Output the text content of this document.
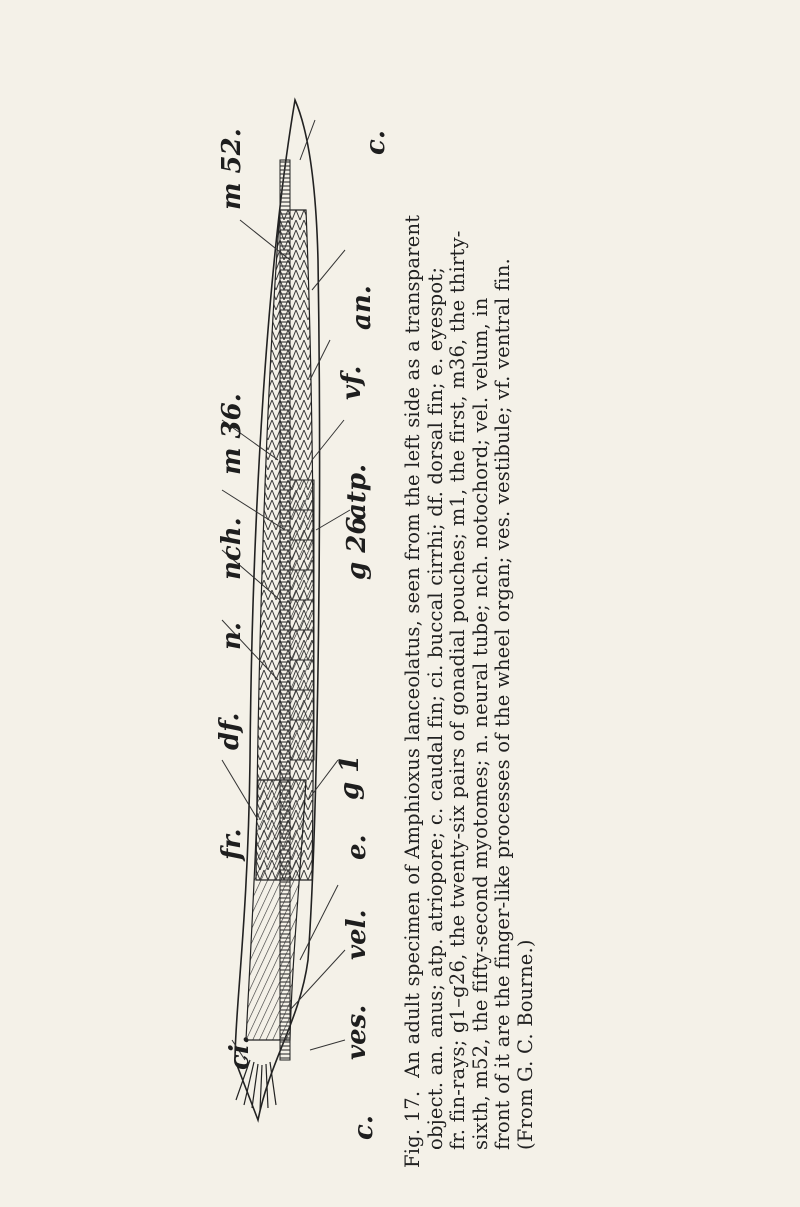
Fig. 17.  An adult specimen of Amphioxus lanceolatus, seen from the left side as a transparent object. an. anus; atp. atriopore; c. caudal fin; ci. buccal cirrhi; df. dorsal fin; e. eyespot; fr. fin-rays; g1–g26, the twenty-six pairs of gonadial pouches; m1, the first, m36, the thirty- sixth, m52, the fifty-second myotomes; n. neural tube; nch. notochord; vel. velum, in front of it are the finger-like processes of the wheel organ; ves. vestibule; vf. ventral fin. (From G. C. Bourne.)
m 52.
an.
vf.
m 36.
atp.
g 26
nch.
n.
g 1
df.
c.
fr.	e.
vel.
ves.
ci.
c.
